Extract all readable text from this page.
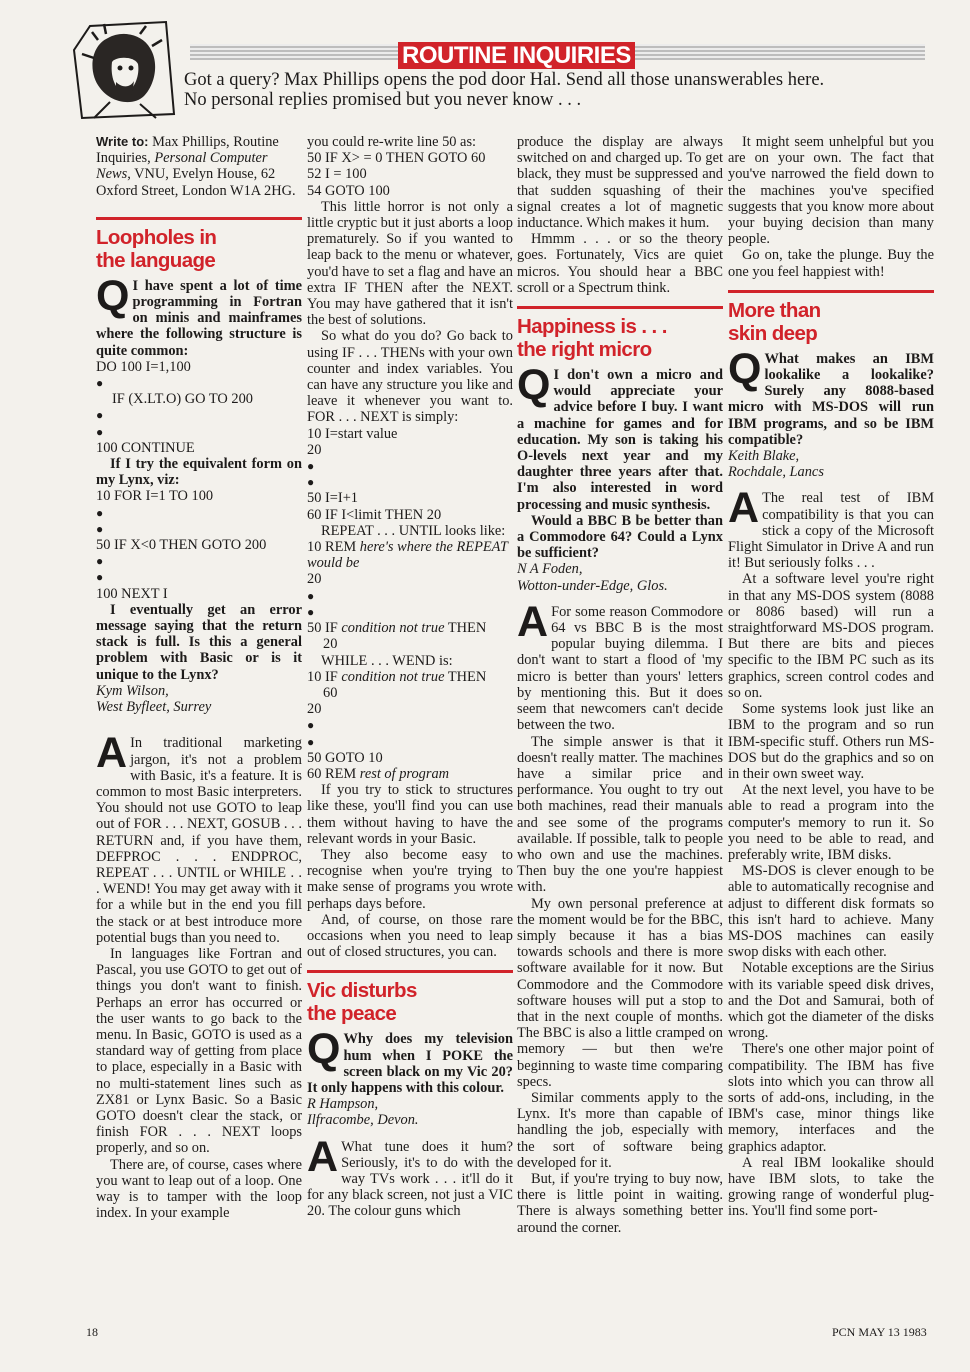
ROUTINE INQUIRIES
Got a query? Max Phillips opens the pod door Hal. Send all those unanswerables here.
No personal replies promised but you never know . . .

Write to: Max Phillips, Routine Inquiries, Personal Computer News, VNU, Evelyn House, 62 Oxford Street, London W1A 2HG.

Loopholes in
the language

Q I have spent a lot of time programming in Fortran on minis and mainframes where the following structure is quite common:

DO 100 I=1,100

●

IF (X.LT.O) GO TO 200

●

●

100 CONTINUE

If I try the equivalent form on my Lynx, viz:

10 FOR I=1 TO 100

●

●

50 IF X<0 THEN GOTO 200

●

●

100 NEXT I

I eventually get an error message saying that the return stack is full. Is this a general problem with Basic or is it unique to the Lynx?

Kym Wilson,

West Byfleet, Surrey

A In traditional marketing jargon, it's not a problem with Basic, it's a feature. It is common to most Basic interpreters. You should not use GOTO to leap out of FOR . . . NEXT, GOSUB . . . RETURN and, if you have them, DEFPROC . . . ENDPROC, REPEAT . . . UNTIL or WHILE . . . WEND! You may get away with it for a while but in the end you fill the stack or at best introduce more potential bugs than you need to.

In languages like Fortran and Pascal, you use GOTO to get out of things you don't want to finish. Perhaps an error has occurred or the user wants to go back to the menu. In Basic, GOTO is used as a standard way of getting from place to place, especially in a Basic with no multi-statement lines such as ZX81 or Lynx Basic. So a Basic GOTO doesn't clear the stack, or finish FOR . . . NEXT loops properly, and so on.

There are, of course, cases where you want to leap out of a loop. One way is to tamper with the loop index. In your example

you could re-write line 50 as:

50 IF X> = 0 THEN GOTO 60

52 I = 100

54 GOTO 100

This little horror is not only a little cryptic but it just aborts a loop prematurely. So if you wanted to leap back to the menu or whatever, you'd have to set a flag and have an extra IF THEN after the NEXT. You may have gathered that it isn't the best of solutions.

So what do you do? Go back to using IF . . . THENs with your own counter and index variables. You can have any structure you like and leave it whenever you want to. FOR . . . NEXT is simply:

10 I=start value

20

●

●

50 I=I+1

60 IF I<limit THEN 20

REPEAT . . . UNTIL looks like:

10 REM here's where the REPEAT would be

20

●

●

50 IF condition not true THEN

20

WHILE . . . WEND is:

10 IF condition not true THEN

60

20

●

●

50 GOTO 10

60 REM rest of program

If you try to stick to structures like these, you'll find you can use them without having to have the relevant words in your Basic.

They also become easy to recognise when you're trying to make sense of programs you wrote perhaps days before.

And, of course, on those rare occasions when you need to leap out of closed structures, you can.

Vic disturbs
the peace

Q Why does my television hum when I POKE the screen black on my Vic 20? It only happens with this colour.

R Hampson,

Ilfracombe, Devon.

A What tune does it hum? Seriously, it's to do with the way TVs work . . . it'll do it for any black screen, not just a VIC 20. The colour guns which

produce the display are always switched on and charged up. To get black, they must be suppressed and that sudden squashing of their signal creates a lot of magnetic inductance. Which makes it hum.

Hmmm . . . or so the theory goes. Fortunately, Vics are quiet micros. You should hear a BBC scroll or a Spectrum think.

Happiness is . . .
the right micro

Q I don't own a micro and would appreciate your advice before I buy. I want a machine for games and for education. My son is taking his O-levels next year and my daughter three years after that. I'm also interested in word processing and music synthesis.

Would a BBC B be better than a Commodore 64? Could a Lynx be sufficient?

N A Foden,

Wotton-under-Edge, Glos.

A For some reason Commodore 64 vs BBC B is the most popular buying dilemma. I don't want to start a flood of 'my micro is better than yours' letters by mentioning this. But it does seem that newcomers can't decide between the two.

The simple answer is that it doesn't really matter. The machines have a similar price and performance. You ought to try out both machines, read their manuals and see some of the programs available. If possible, talk to people who own and use the machines. Then buy the one you're happiest with.

My own personal preference at the moment would be for the BBC, simply because it has a bias towards schools and there is more software available for it now. But Commodore and the Commodore software houses will put a stop to that in the next couple of months. The BBC is also a little cramped on memory — but then we're beginning to waste time comparing specs.

Similar comments apply to the Lynx. It's more than capable of handling the job, especially with the sort of software being developed for it.

But, if you're trying to buy now, there is little point in waiting. There is always something better around the corner.

It might seem unhelpful but you are on your own. The fact that you've narrowed the field down to the machines you've specified suggests that you know more about your buying decision than many people.

Go on, take the plunge. Buy the one you feel happiest with!

More than
skin deep

Q What makes an IBM lookalike a lookalike? Surely any 8088-based micro with MS-DOS will run IBM programs, and so be IBM compatible?

Keith Blake,

Rochdale, Lancs

A The real test of IBM compatibility is that you can stick a copy of the Microsoft Flight Simulator in Drive A and run it! But seriously folks . . .

At a software level you're right in that any MS-DOS system (8088 or 8086 based) will run a straightforward MS-DOS program. But there are bits and pieces specific to the IBM PC such as its graphics, screen control codes and so on.

Some systems look just like an IBM to the program and so run IBM-specific stuff. Others run MS-DOS but do the graphics and so on in their own sweet way.

At the next level, you have to be able to read a program into the computer's memory to run it. So you need to be able to read, and preferably write, IBM disks.

MS-DOS is clever enough to be able to automatically recognise and adjust to different disk formats so this isn't hard to achieve. Many MS-DOS machines can easily swop disks with each other.

Notable exceptions are the Sirius with its variable speed disk drives, and the Dot and Samurai, both of which got the diameter of the disks wrong.

There's one other major point of compatibility. The IBM has five slots into which you can throw all sorts of add-ons, including, in the IBM's case, minor things like memory, interfaces and the graphics adaptor.

A real IBM lookalike should have IBM slots, to take the growing range of wonderful plug-ins. You'll find some port-

18	PCN MAY 13 1983
